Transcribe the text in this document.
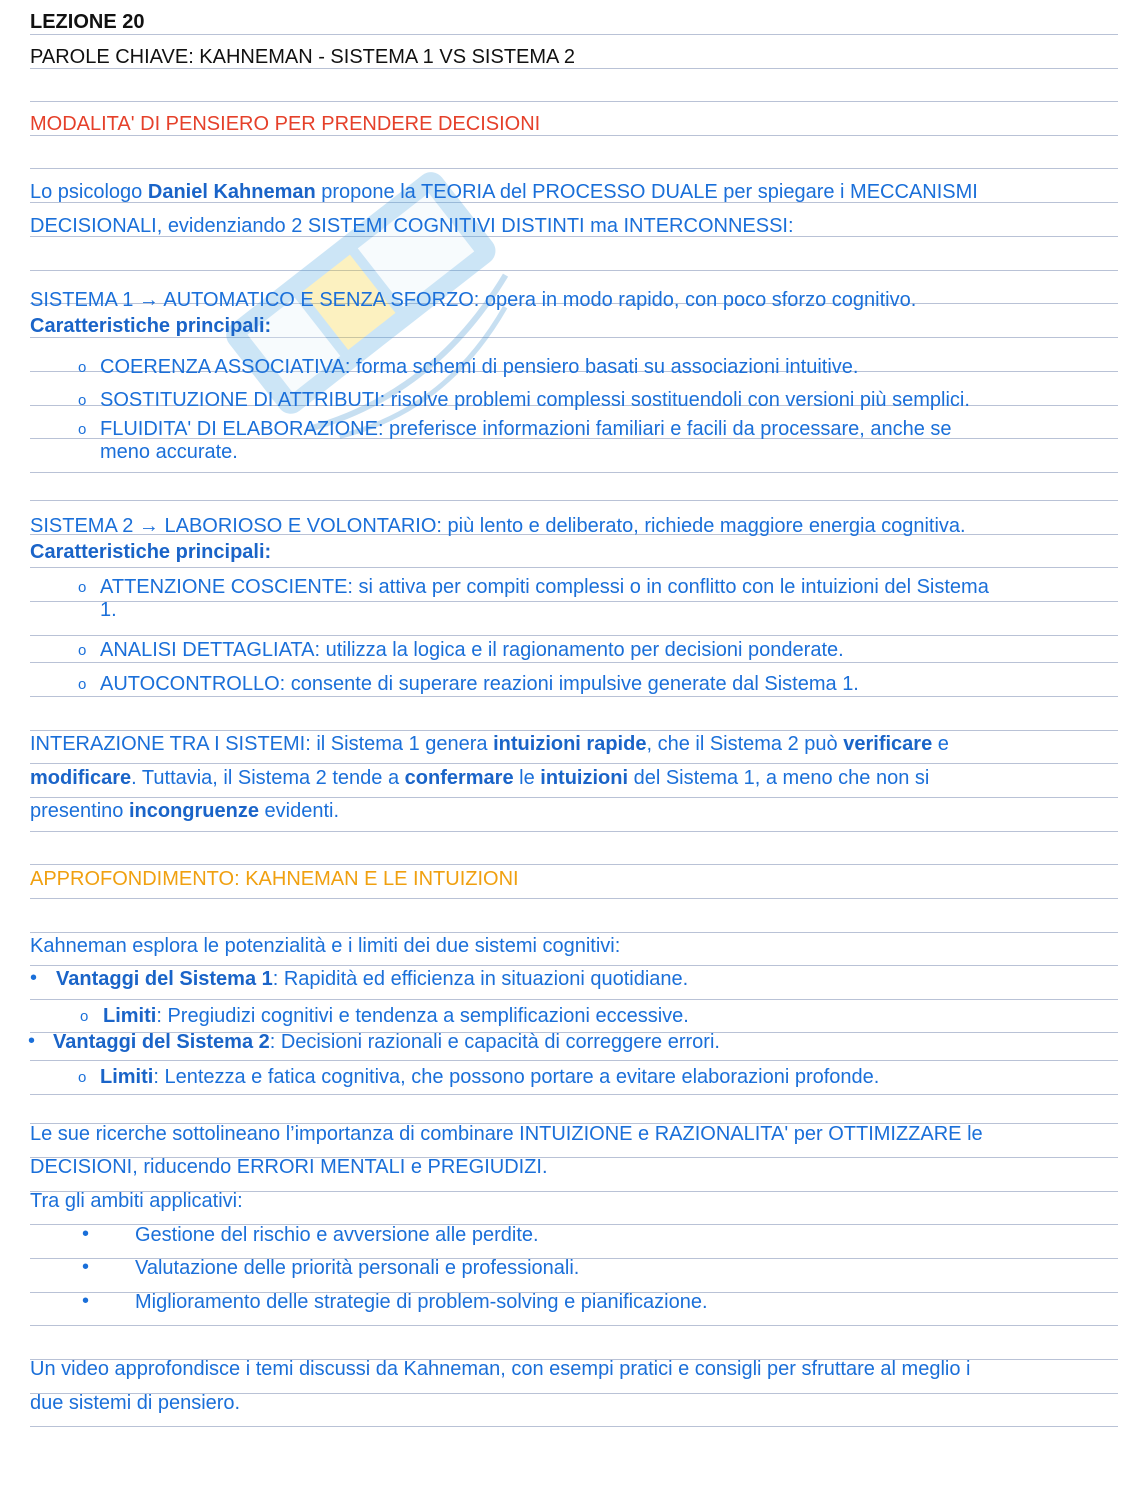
LEZIONE 20
PAROLE CHIAVE: KAHNEMAN - SISTEMA 1 VS SISTEMA 2
MODALITA' DI PENSIERO PER PRENDERE DECISIONI
Lo psicologo Daniel Kahneman propone la TEORIA del PROCESSO DUALE per spiegare i MECCANISMI
DECISIONALI, evidenziando 2 SISTEMI COGNITIVI DISTINTI ma INTERCONNESSI:
SISTEMA 1 → AUTOMATICO E SENZA SFORZO: opera in modo rapido, con poco sforzo cognitivo.
Caratteristiche principali:
o COERENZA ASSOCIATIVA: forma schemi di pensiero basati su associazioni intuitive.
o SOSTITUZIONE DI ATTRIBUTI: risolve problemi complessi sostituendoli con versioni più semplici.
o FLUIDITA' DI ELABORAZIONE: preferisce informazioni familiari e facili da processare, anche se
meno accurate.
SISTEMA 2 → LABORIOSO E VOLONTARIO: più lento e deliberato, richiede maggiore energia cognitiva.
Caratteristiche principali:
o ATTENZIONE COSCIENTE: si attiva per compiti complessi o in conflitto con le intuizioni del Sistema
1.
o ANALISI DETTAGLIATA: utilizza la logica e il ragionamento per decisioni ponderate.
o AUTOCONTROLLO: consente di superare reazioni impulsive generate dal Sistema 1.
INTERAZIONE TRA I SISTEMI: il Sistema 1 genera intuizioni rapide, che il Sistema 2 può verificare e
modificare. Tuttavia, il Sistema 2 tende a confermare le intuizioni del Sistema 1, a meno che non si
presentino incongruenze evidenti.
APPROFONDIMENTO: KAHNEMAN E LE INTUIZIONI
Kahneman esplora le potenzialità e i limiti dei due sistemi cognitivi:
• Vantaggi del Sistema 1: Rapidità ed efficienza in situazioni quotidiane.
o Limiti: Pregiudizi cognitivi e tendenza a semplificazioni eccessive.
• Vantaggi del Sistema 2: Decisioni razionali e capacità di correggere errori.
o Limiti: Lentezza e fatica cognitiva, che possono portare a evitare elaborazioni profonde.
Le sue ricerche sottolineano l’importanza di combinare INTUIZIONE e RAZIONALITA' per OTTIMIZZARE le
DECISIONI, riducendo ERRORI MENTALI e PREGIUDIZI.
Tra gli ambiti applicativi:
• Gestione del rischio e avversione alle perdite.
• Valutazione delle priorità personali e professionali.
• Miglioramento delle strategie di problem-solving e pianificazione.
Un video approfondisce i temi discussi da Kahneman, con esempi pratici e consigli per sfruttare al meglio i
due sistemi di pensiero.
